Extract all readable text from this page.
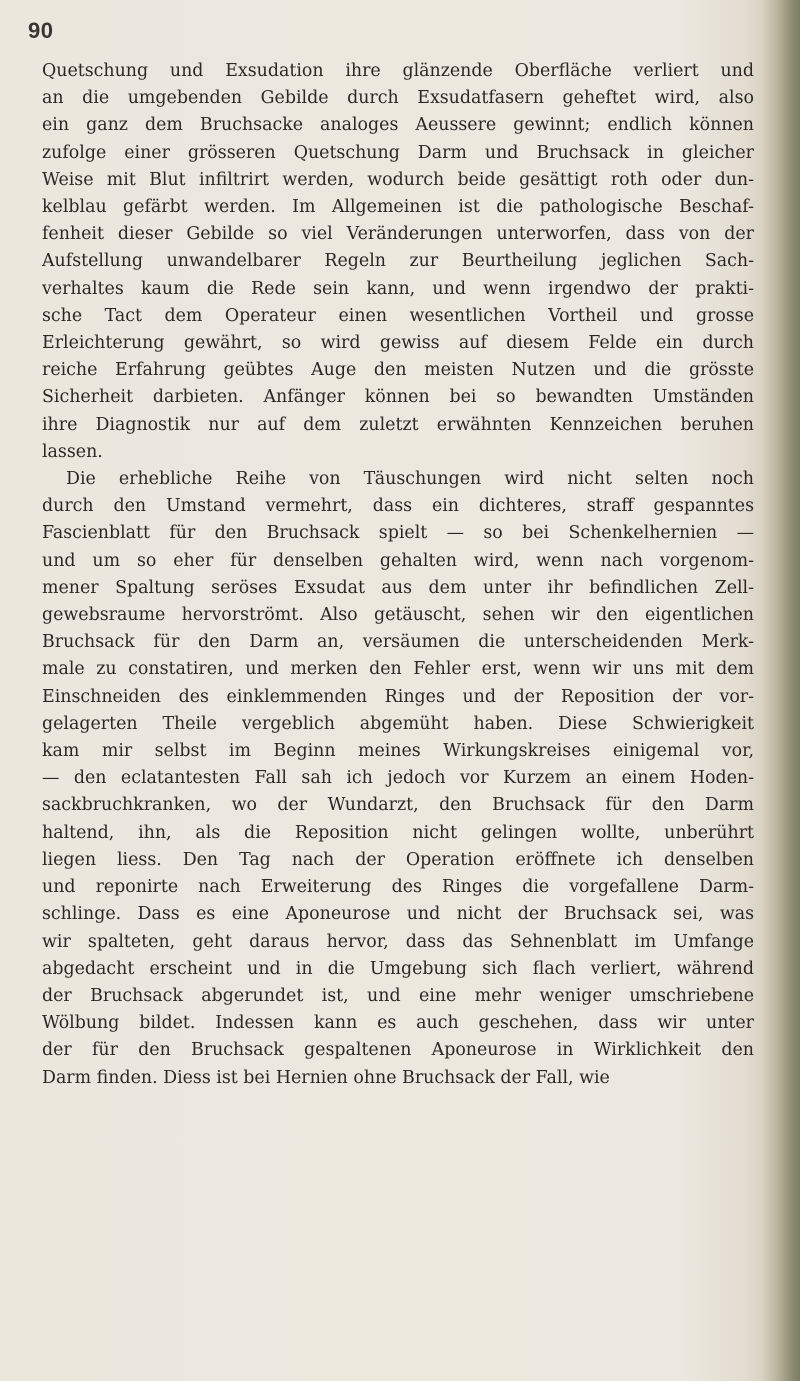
90
Quetschung und Exsudation ihre glänzende Oberfläche verliert und
an die umgebenden Gebilde durch Exsudatfasern geheftet wird, also
ein ganz dem Bruchsacke analoges Aeussere gewinnt; endlich können
zufolge einer grösseren Quetschung Darm und Bruchsack in gleicher
Weise mit Blut infiltrirt werden, wodurch beide gesättigt roth oder dun-
kelblau gefärbt werden. Im Allgemeinen ist die pathologische Beschaf-
fenheit dieser Gebilde so viel Veränderungen unterworfen, dass von der
Aufstellung unwandelbarer Regeln zur Beurtheilung jeglichen Sach-
verhaltes kaum die Rede sein kann, und wenn irgendwo der prakti-
sche Tact dem Operateur einen wesentlichen Vortheil und grosse
Erleichterung gewährt, so wird gewiss auf diesem Felde ein durch
reiche Erfahrung geübtes Auge den meisten Nutzen und die grösste
Sicherheit darbieten. Anfänger können bei so bewandten Umständen
ihre Diagnostik nur auf dem zuletzt erwähnten Kennzeichen beruhen
lassen.
Die erhebliche Reihe von Täuschungen wird nicht selten noch
durch den Umstand vermehrt, dass ein dichteres, straff gespanntes
Fascienblatt für den Bruchsack spielt — so bei Schenkelhernien —
und um so eher für denselben gehalten wird, wenn nach vorgenom-
mener Spaltung seröses Exsudat aus dem unter ihr befindlichen Zell-
gewebsraume hervorströmt. Also getäuscht, sehen wir den eigentlichen
Bruchsack für den Darm an, versäumen die unterscheidenden Merk-
male zu constatiren, und merken den Fehler erst, wenn wir uns mit dem
Einschneiden des einklemmenden Ringes und der Reposition der vor-
gelagerten Theile vergeblich abgemüht haben. Diese Schwierigkeit
kam mir selbst im Beginn meines Wirkungskreises einigemal vor,
— den eclatantesten Fall sah ich jedoch vor Kurzem an einem Hoden-
sackbruchkranken, wo der Wundarzt, den Bruchsack für den Darm
haltend, ihn, als die Reposition nicht gelingen wollte, unberührt
liegen liess. Den Tag nach der Operation eröffnete ich denselben
und reponirte nach Erweiterung des Ringes die vorgefallene Darm-
schlinge. Dass es eine Aponeurose und nicht der Bruchsack sei, was
wir spalteten, geht daraus hervor, dass das Sehnenblatt im Umfange
abgedacht erscheint und in die Umgebung sich flach verliert, während
der Bruchsack abgerundet ist, und eine mehr weniger umschriebene
Wölbung bildet. Indessen kann es auch geschehen, dass wir unter
der für den Bruchsack gespaltenen Aponeurose in Wirklichkeit den
Darm finden. Diess ist bei Hernien ohne Bruchsack der Fall, wie
